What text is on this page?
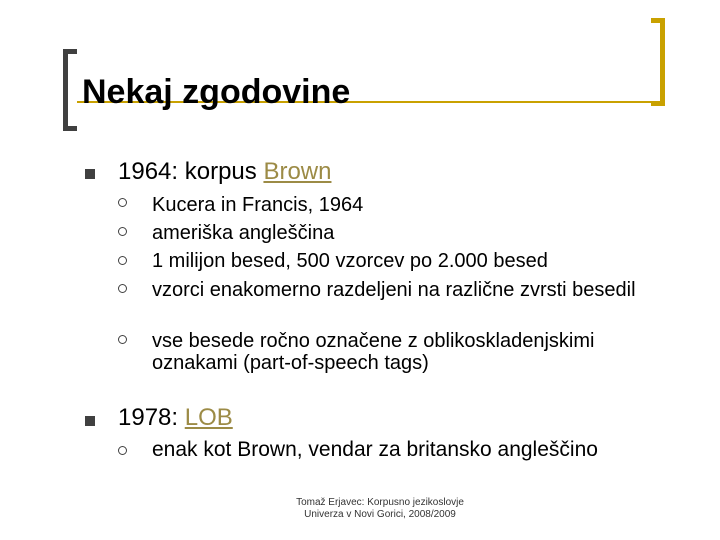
Nekaj zgodovine
1964: korpus Brown
Kucera in Francis, 1964
ameriška angleščina
1 milijon besed, 500 vzorcev po 2.000 besed
vzorci enakomerno razdeljeni na različne zvrsti besedil
vse besede ročno označene z oblikoskladenjskimi oznakami (part-of-speech tags)
1978: LOB
enak kot Brown, vendar za britansko angleščino
Tomaž Erjavec: Korpusno jezikoslovje
Univerza v Novi Gorici, 2008/2009
